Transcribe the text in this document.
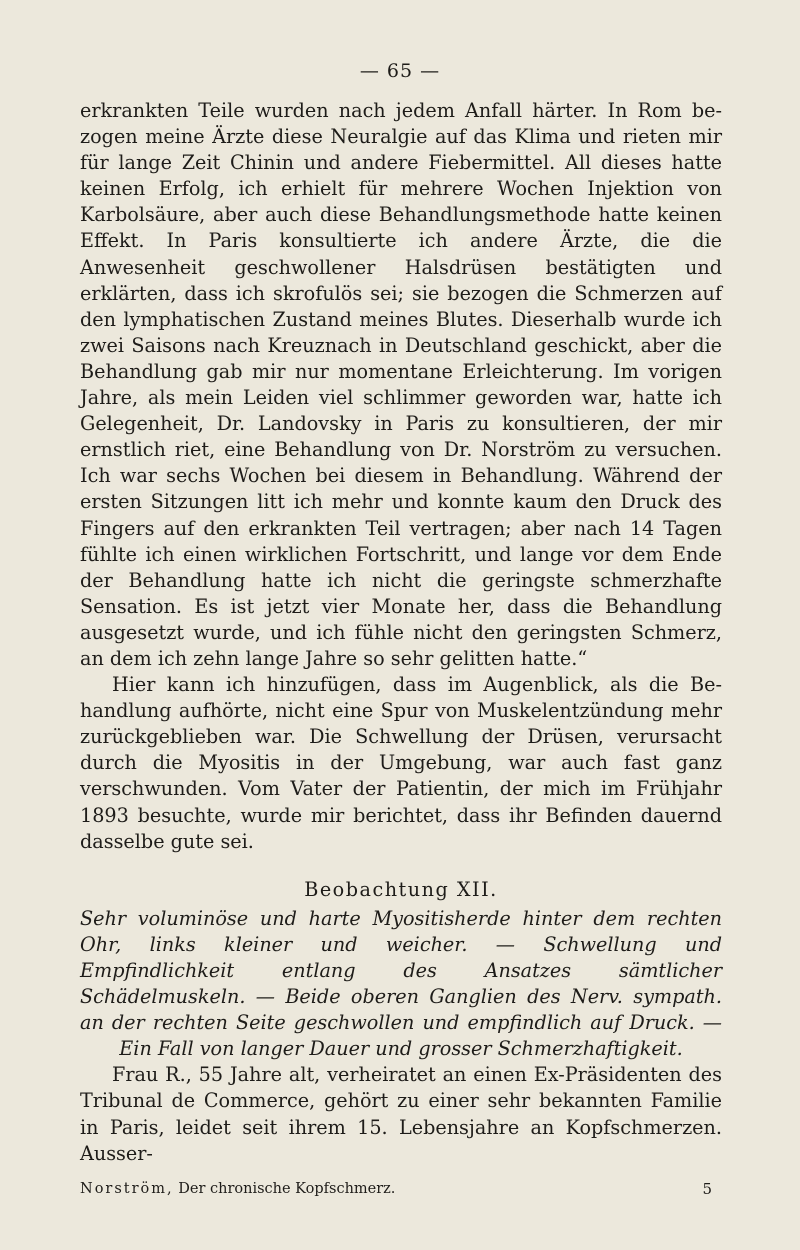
— 65 —

erkrankten Teile wurden nach jedem Anfall härter. In Rom bezogen meine Ärzte diese Neuralgie auf das Klima und rieten mir für lange Zeit Chinin und andere Fiebermittel. All dieses hatte keinen Erfolg, ich erhielt für mehrere Wochen Injektion von Karbolsäure, aber auch diese Behandlungsmethode hatte keinen Effekt. In Paris konsultierte ich andere Ärzte, die die Anwesenheit geschwollener Halsdrüsen bestätigten und erklärten, dass ich skrofulös sei; sie bezogen die Schmerzen auf den lymphatischen Zustand meines Blutes. Dieserhalb wurde ich zwei Saisons nach Kreuznach in Deutschland geschickt, aber die Behandlung gab mir nur momentane Erleichterung. Im vorigen Jahre, als mein Leiden viel schlimmer geworden war, hatte ich Gelegenheit, Dr. Landovsky in Paris zu konsultieren, der mir ernstlich riet, eine Behandlung von Dr. Norström zu versuchen. Ich war sechs Wochen bei diesem in Behandlung. Während der ersten Sitzungen litt ich mehr und konnte kaum den Druck des Fingers auf den erkrankten Teil vertragen; aber nach 14 Tagen fühlte ich einen wirklichen Fortschritt, und lange vor dem Ende der Behandlung hatte ich nicht die geringste schmerzhafte Sensation. Es ist jetzt vier Monate her, dass die Behandlung ausgesetzt wurde, und ich fühle nicht den geringsten Schmerz, an dem ich zehn lange Jahre so sehr gelitten hatte.“

Hier kann ich hinzufügen, dass im Augenblick, als die Behandlung aufhörte, nicht eine Spur von Muskelentzündung mehr zurückgeblieben war. Die Schwellung der Drüsen, verursacht durch die Myositis in der Umgebung, war auch fast ganz verschwunden. Vom Vater der Patientin, der mich im Frühjahr 1893 besuchte, wurde mir berichtet, dass ihr Befinden dauernd dasselbe gute sei.

Beobachtung XII.

Sehr voluminöse und harte Myositisherde hinter dem rechten Ohr, links kleiner und weicher. — Schwellung und Empfindlichkeit entlang des Ansatzes sämtlicher Schädelmuskeln. — Beide oberen Ganglien des Nerv. sympath. an der rechten Seite geschwollen und empfindlich auf Druck. — Ein Fall von langer Dauer und grosser Schmerzhaftigkeit.

Frau R., 55 Jahre alt, verheiratet an einen Ex-Präsidenten des Tribunal de Commerce, gehört zu einer sehr bekannten Familie in Paris, leidet seit ihrem 15. Lebensjahre an Kopfschmerzen. Ausser-

Norström, Der chronische Kopfschmerz.	5
